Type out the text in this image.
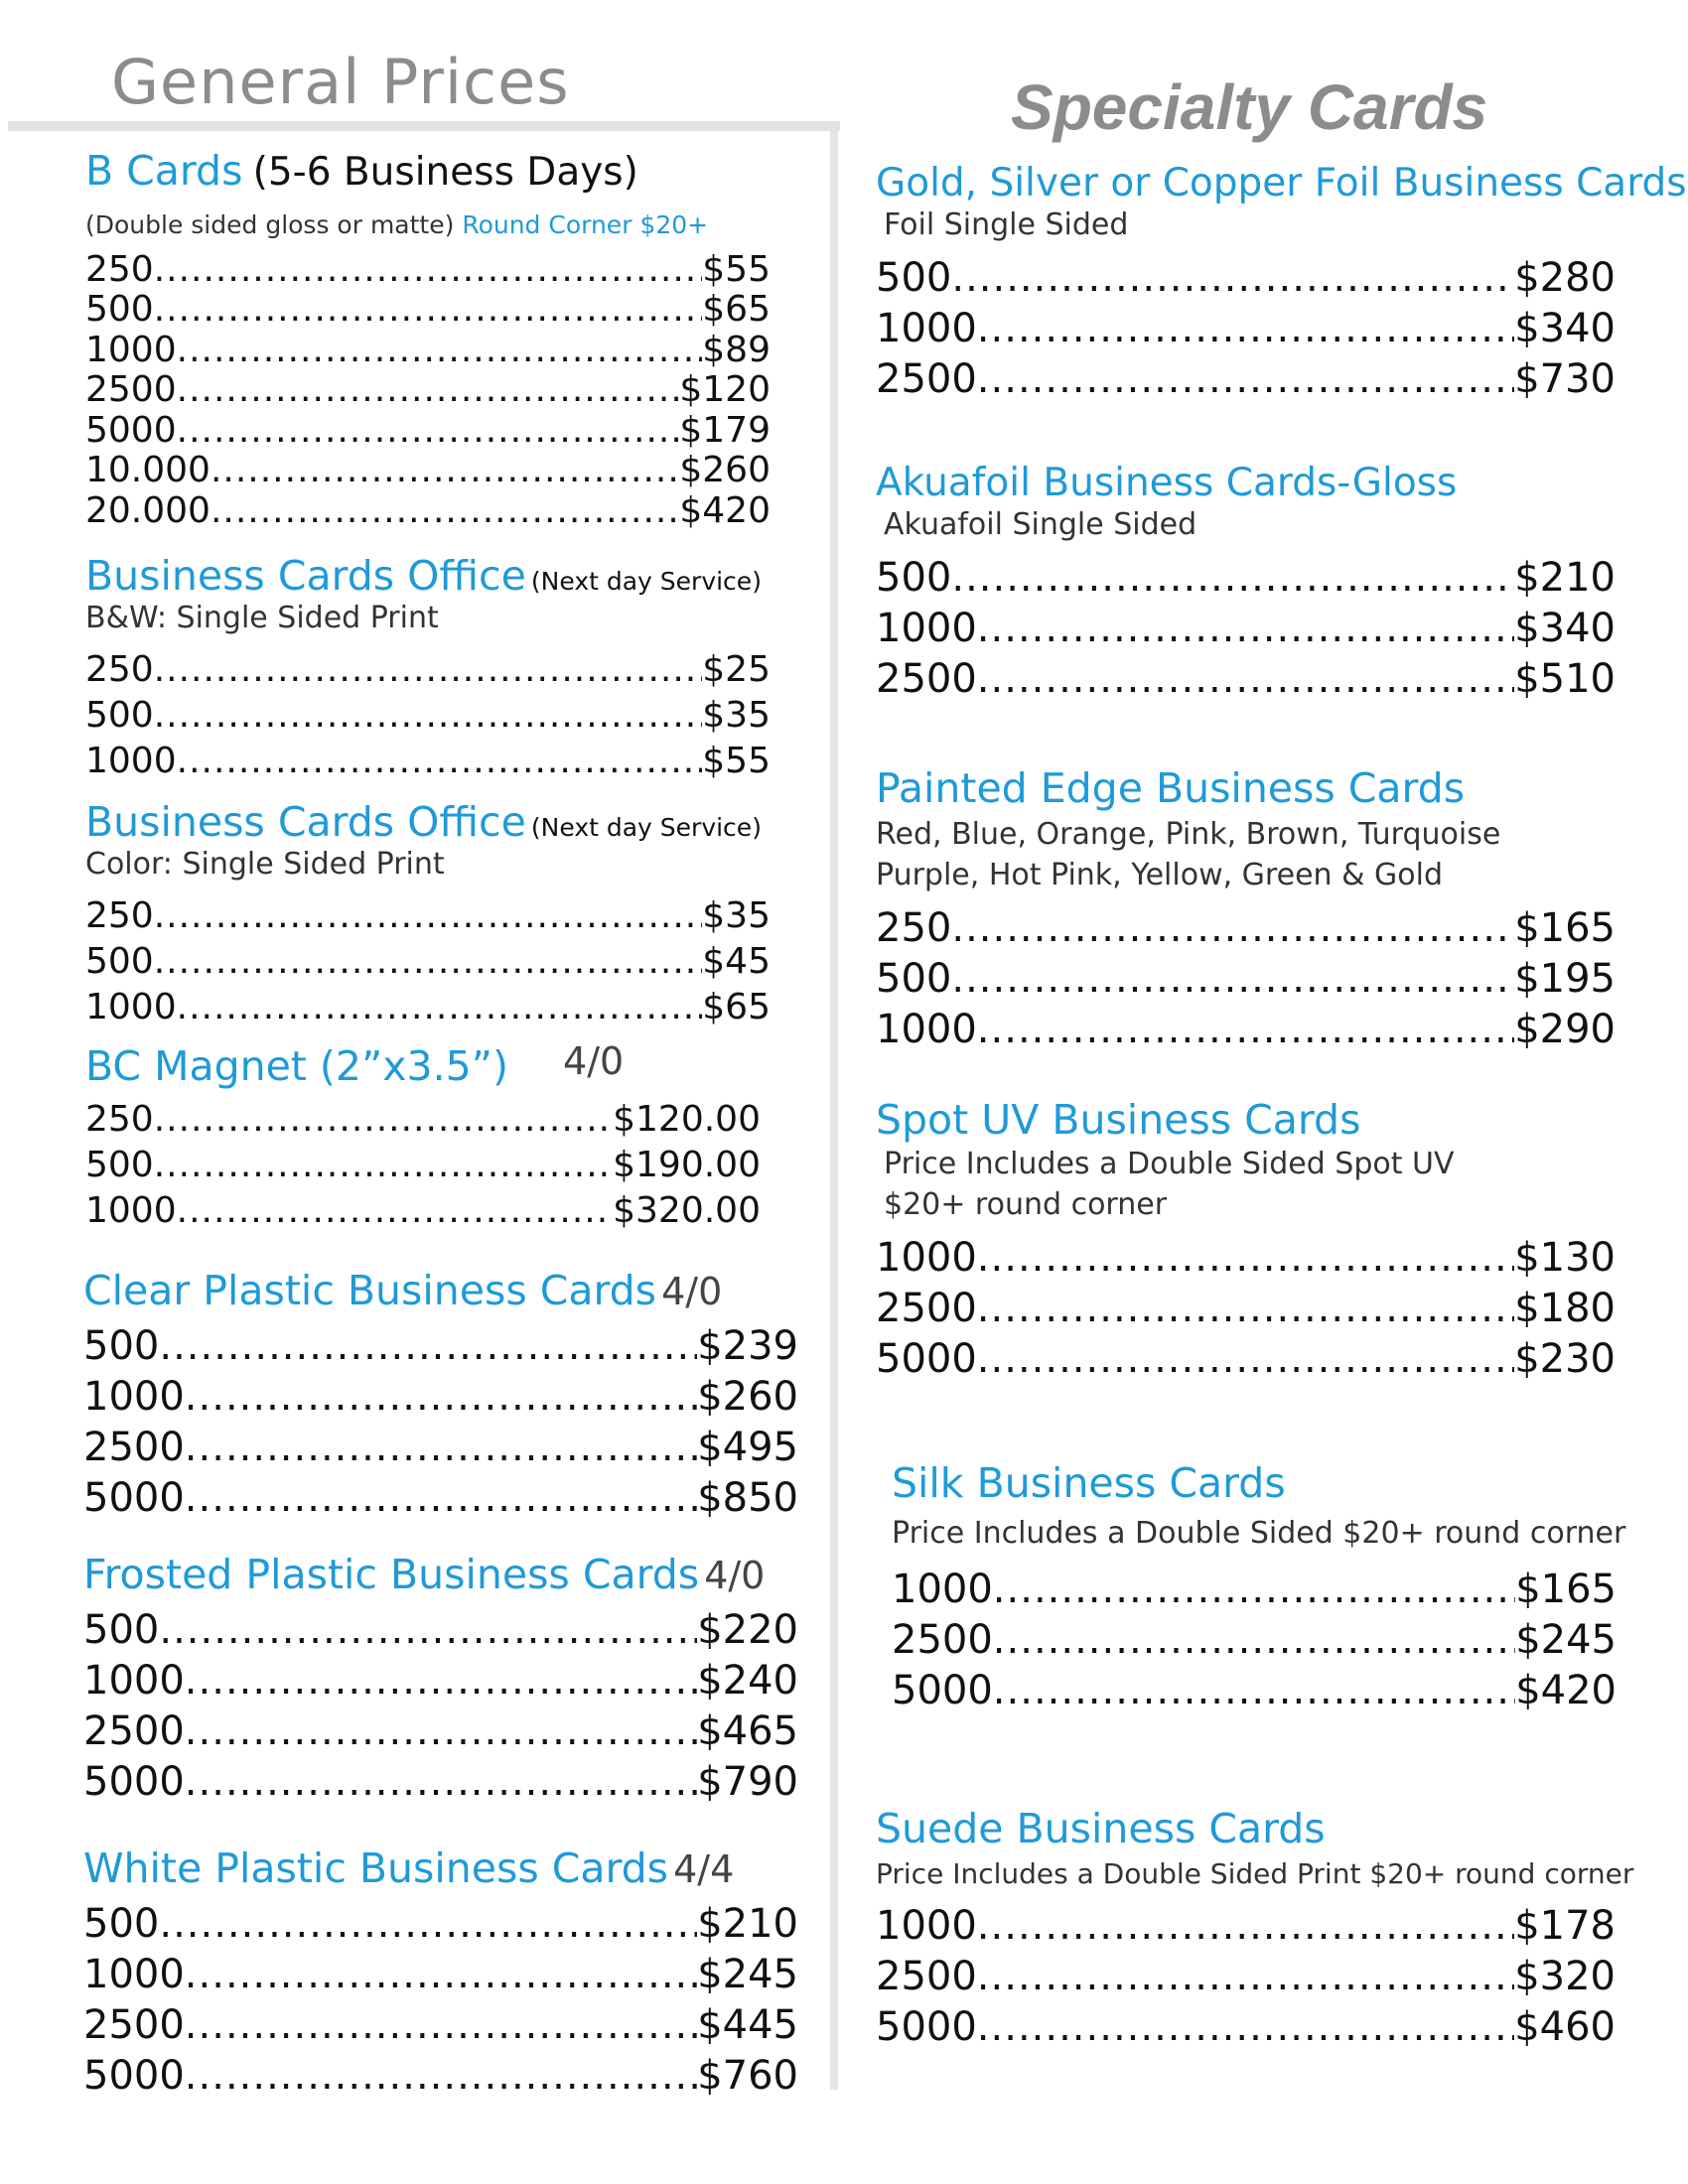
General Prices	Specialty Cards
B Cards (5-6 Business Days)
(Double sided gloss or matte) Round Corner $20+
250 .....	$55
500 .....	$65
1000 .....	$89
2500 .....	$120
5000 .....	$179
10.000 .....	$260
20.000 .....	$420
Business Cards Office (Next day Service)
B&W: Single Sided Print
250 .....	$25
500 .....	$35
1000 .....	$55
Business Cards Office (Next day Service)
Color: Single Sided Print
250 .....	$35
500 .....	$45
1000 .....	$65
BC Magnet (2”x3.5”) 4/0
250 .....	$120.00
500 .....	$190.00
1000 .....	$320.00
Clear Plastic Business Cards 4/0
500 .....	$239
1000 .....	$260
2500 .....	$495
5000 .....	$850
Frosted Plastic Business Cards 4/0
500 .....	$220
1000 .....	$240
2500 .....	$465
5000 .....	$790
White Plastic Business Cards 4/4
500 .....	$210
1000 .....	$245
2500 .....	$445
5000 .....	$760
Gold, Silver or Copper Foil Business Cards
Foil Single Sided
500 .....	$280
1000 .....	$340
2500 .....	$730
Akuafoil Business Cards-Gloss
Akuafoil Single Sided
500 .....	$210
1000 .....	$340
2500 .....	$510
Painted Edge Business Cards
Red, Blue, Orange, Pink, Brown, Turquoise
Purple, Hot Pink, Yellow, Green & Gold
250 .....	$165
500 .....	$195
1000 .....	$290
Spot UV Business Cards
Price Includes a Double Sided Spot UV
$20+ round corner
1000 .....	$130
2500 .....	$180
5000 .....	$230
Silk Business Cards
Price Includes a Double Sided $20+ round corner
1000 .....	$165
2500 .....	$245
5000 .....	$420
Suede Business Cards
Price Includes a Double Sided Print $20+ round corner
1000 .....	$178
2500 .....	$320
5000 .....	$460
